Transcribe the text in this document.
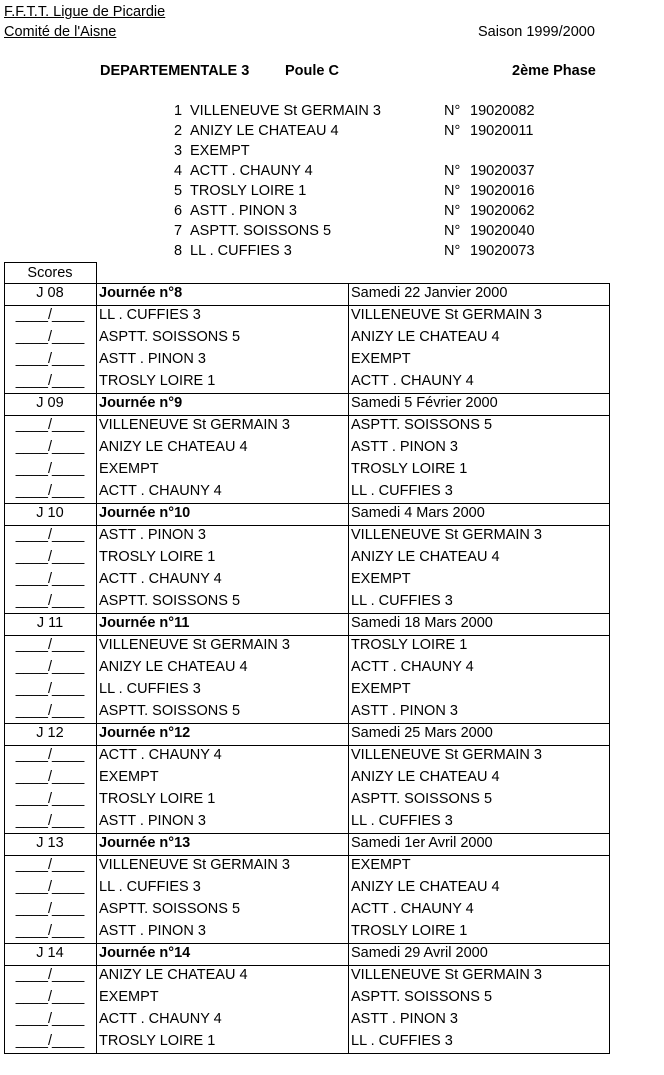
F.F.T.T. Ligue de Picardie
Comité de l'Aisne	Saison 1999/2000
DEPARTEMENTALE 3 Poule C	2ème Phase
1 VILLENEUVE St GERMAIN 3	N° 19020082
2 ANIZY LE CHATEAU 4	N° 19020011
3 EXEMPT
4 ACTT . CHAUNY 4	N° 19020037
5 TROSLY LOIRE 1	N° 19020016
6 ASTT . PINON 3	N° 19020062
7 ASPTT. SOISSONS 5	N° 19020040
8 LL . CUFFIES 3	N° 19020073
Scores
J 08	Journée n°8	Samedi 22 Janvier 2000
____/____	LL . CUFFIES 3	VILLENEUVE St GERMAIN 3
____/____	ASPTT. SOISSONS 5	ANIZY LE CHATEAU 4
____/____	ASTT . PINON 3	EXEMPT
____/____	TROSLY LOIRE 1	ACTT . CHAUNY 4
J 09	Journée n°9	Samedi 5 Février 2000
____/____	VILLENEUVE St GERMAIN 3	ASPTT. SOISSONS 5
____/____	ANIZY LE CHATEAU 4	ASTT . PINON 3
____/____	EXEMPT	TROSLY LOIRE 1
____/____	ACTT . CHAUNY 4	LL . CUFFIES 3
J 10	Journée n°10	Samedi 4 Mars 2000
____/____	ASTT . PINON 3	VILLENEUVE St GERMAIN 3
____/____	TROSLY LOIRE 1	ANIZY LE CHATEAU 4
____/____	ACTT . CHAUNY 4	EXEMPT
____/____	ASPTT. SOISSONS 5	LL . CUFFIES 3
J 11	Journée n°11	Samedi 18 Mars 2000
____/____	VILLENEUVE St GERMAIN 3	TROSLY LOIRE 1
____/____	ANIZY LE CHATEAU 4	ACTT . CHAUNY 4
____/____	LL . CUFFIES 3	EXEMPT
____/____	ASPTT. SOISSONS 5	ASTT . PINON 3
J 12	Journée n°12	Samedi 25 Mars 2000
____/____	ACTT . CHAUNY 4	VILLENEUVE St GERMAIN 3
____/____	EXEMPT	ANIZY LE CHATEAU 4
____/____	TROSLY LOIRE 1	ASPTT. SOISSONS 5
____/____	ASTT . PINON 3	LL . CUFFIES 3
J 13	Journée n°13	Samedi 1er Avril 2000
____/____	VILLENEUVE St GERMAIN 3	EXEMPT
____/____	LL . CUFFIES 3	ANIZY LE CHATEAU 4
____/____	ASPTT. SOISSONS 5	ACTT . CHAUNY 4
____/____	ASTT . PINON 3	TROSLY LOIRE 1
J 14	Journée n°14	Samedi 29 Avril 2000
____/____	ANIZY LE CHATEAU 4	VILLENEUVE St GERMAIN 3
____/____	EXEMPT	ASPTT. SOISSONS 5
____/____	ACTT . CHAUNY 4	ASTT . PINON 3
____/____	TROSLY LOIRE 1	LL . CUFFIES 3
